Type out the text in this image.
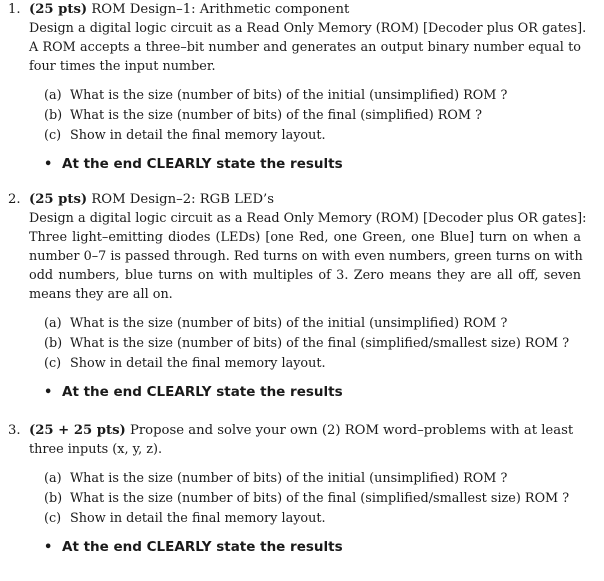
1. (25 pts) ROM Design–1: Arithmetic component
Design a digital logic circuit as a Read Only Memory (ROM) [Decoder plus OR gates].
A ROM accepts a three–bit number and generates an output binary number equal to
four times the input number.
(a) What is the size (number of bits) of the initial (unsimplified) ROM ?
(b) What is the size (number of bits) of the final (simplified) ROM ?
(c) Show in detail the final memory layout.
• At the end CLEARLY state the results
2. (25 pts) ROM Design–2: RGB LED’s
Design a digital logic circuit as a Read Only Memory (ROM) [Decoder plus OR gates]:
Three light–emitting diodes (LEDs) [one Red, one Green, one Blue] turn on when a
number 0–7 is passed through. Red turns on with even numbers, green turns on with
odd numbers, blue turns on with multiples of 3. Zero means they are all off, seven
means they are all on.
(a) What is the size (number of bits) of the initial (unsimplified) ROM ?
(b) What is the size (number of bits) of the final (simplified/smallest size) ROM ?
(c) Show in detail the final memory layout.
• At the end CLEARLY state the results
3. (25 + 25 pts) Propose and solve your own (2) ROM word–problems with at least
three inputs (x, y, z).
(a) What is the size (number of bits) of the initial (unsimplified) ROM ?
(b) What is the size (number of bits) of the final (simplified/smallest size) ROM ?
(c) Show in detail the final memory layout.
• At the end CLEARLY state the results
